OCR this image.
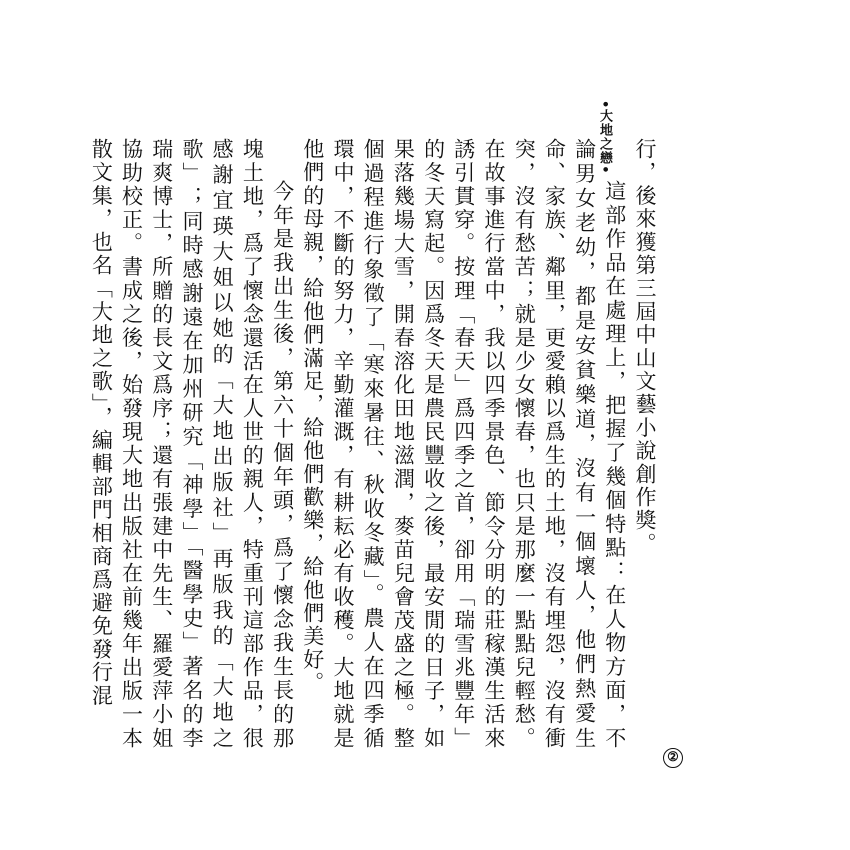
•大地之戀•

行，後來獲第三屆中山文藝小說創作獎。

這部作品在處理上，把握了幾個特點：在人物方面，不論男女老幼，都是安貧樂道，沒有一個壞人，他們熱愛生命、家族、鄰里，更愛賴以爲生的土地，沒有埋怨，沒有衝突，沒有愁苦；就是少女懷春，也只是那麼一點點兒輕愁。在故事進行當中，我以四季景色、節令分明的莊稼漢生活來誘引貫穿。按理「春天」爲四季之首，卻用「瑞雪兆豐年」的冬天寫起。因爲冬天是農民豐收之後，最安閒的日子，如果落幾場大雪，開春溶化田地滋潤，麥苗兒會茂盛之極。整個過程進行象徵了「寒來暑往、秋收冬藏」。農人在四季循環中，不斷的努力，辛勤灌溉，有耕耘必有收穫。大地就是他們的母親，給他們滿足，給他們歡樂，給他們美好。

今年是我出生後，第六十個年頭，爲了懷念我生長的那塊土地，爲了懷念還活在人世的親人，特重刊這部作品，很感謝宜瑛大姐以她的「大地出版社」再版我的「大地之歌」；同時感謝遠在加州研究「神學」「醫學史」著名的李瑞爽博士，所贈的長文爲序；還有張建中先生、羅愛萍小姐協助校正。書成之後，始發現大地出版社在前幾年出版一本散文集，也名「大地之歌」，編輯部門相商爲避免發行混

②
